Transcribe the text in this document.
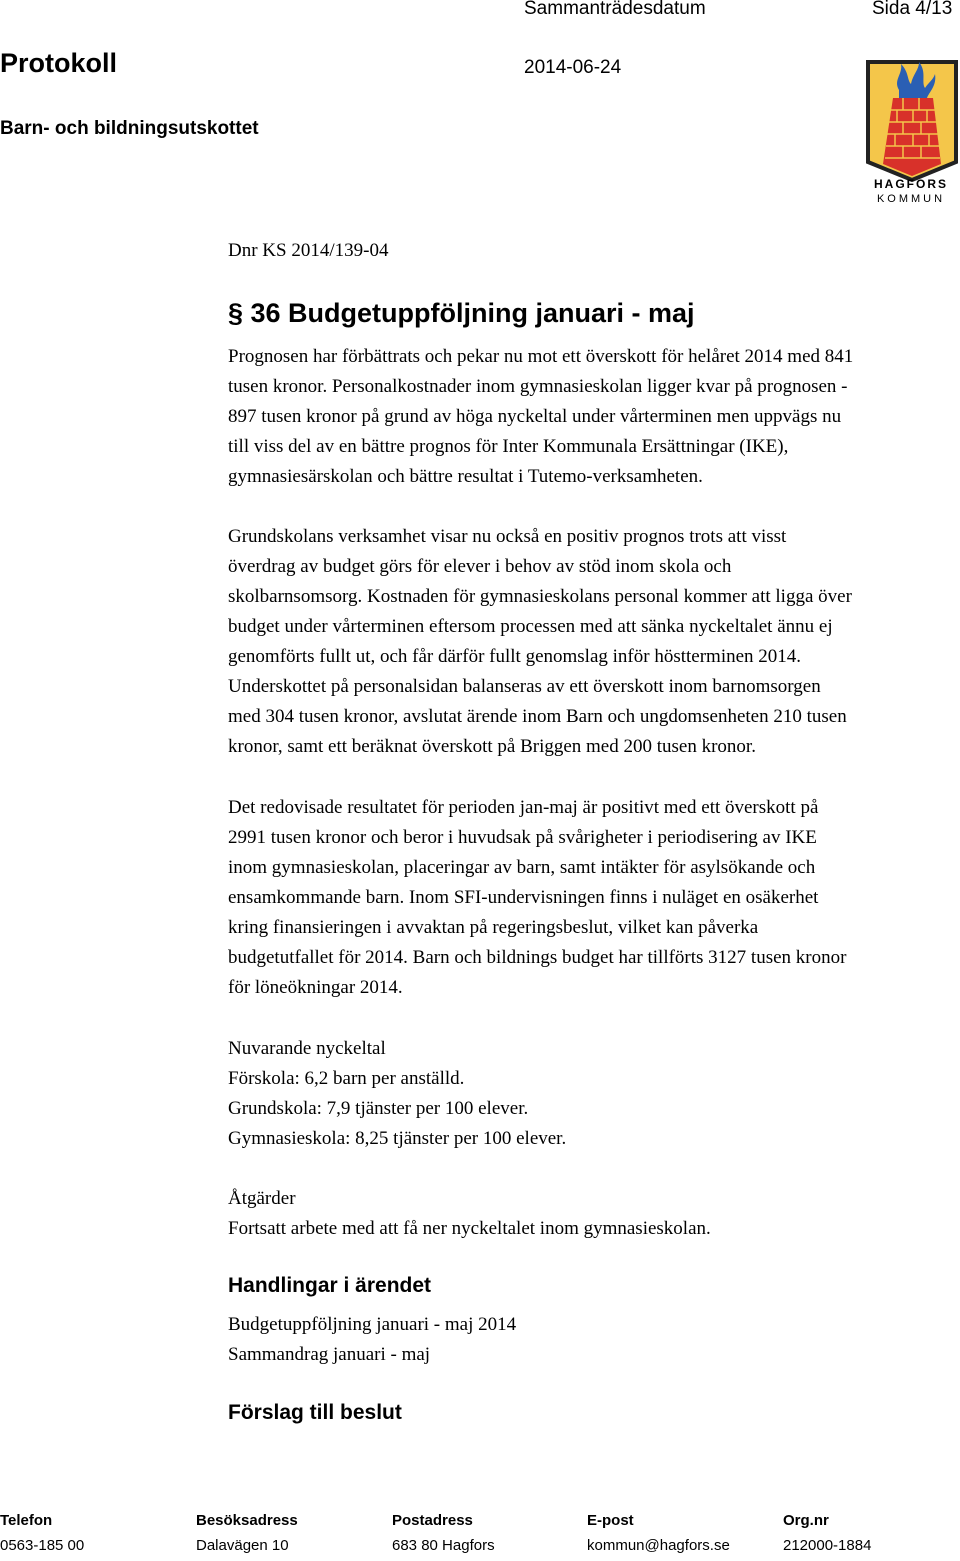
Sammanträdesdatum	Sida 4/13
Protokoll	2014-06-24
Barn- och bildningsutskottet
HAGFORS
KOMMUN
Dnr KS 2014/139-04
§ 36 Budgetuppföljning januari - maj
Prognosen har förbättrats och pekar nu mot ett överskott för helåret 2014 med 841
tusen kronor. Personalkostnader inom gymnasieskolan ligger kvar på prognosen -
897 tusen kronor på grund av höga nyckeltal under vårterminen men uppvägs nu
till viss del av en bättre prognos för Inter Kommunala Ersättningar (IKE),
gymnasiesärskolan och bättre resultat i Tutemo-verksamheten.
Grundskolans verksamhet visar nu också en positiv prognos trots att visst
överdrag av budget görs för elever i behov av stöd inom skola och
skolbarnsomsorg. Kostnaden för gymnasieskolans personal kommer att ligga över
budget under vårterminen eftersom processen med att sänka nyckeltalet ännu ej
genomförts fullt ut, och får därför fullt genomslag inför höstterminen 2014.
Underskottet på personalsidan balanseras av ett överskott inom barnomsorgen
med 304 tusen kronor, avslutat ärende inom Barn och ungdomsenheten 210 tusen
kronor, samt ett beräknat överskott på Briggen med 200 tusen kronor.
Det redovisade resultatet för perioden jan-maj är positivt med ett överskott på
2991 tusen kronor och beror i huvudsak på svårigheter i periodisering av IKE
inom gymnasieskolan, placeringar av barn, samt intäkter för asylsökande och
ensamkommande barn. Inom SFI-undervisningen finns i nuläget en osäkerhet
kring finansieringen i avvaktan på regeringsbeslut, vilket kan påverka
budgetutfallet för 2014. Barn och bildnings budget har tillförts 3127 tusen kronor
för löneökningar 2014.
Nuvarande nyckeltal
Förskola: 6,2 barn per anställd.
Grundskola: 7,9 tjänster per 100 elever.
Gymnasieskola: 8,25 tjänster per 100 elever.
Åtgärder
Fortsatt arbete med att få ner nyckeltalet inom gymnasieskolan.
Handlingar i ärendet
Budgetuppföljning januari - maj 2014
Sammandrag januari - maj
Förslag till beslut
Telefon
0563-185 00
Besöksadress
Dalavägen 10
Postadress
683 80 Hagfors
E-post
kommun@hagfors.se
Org.nr
212000-1884
